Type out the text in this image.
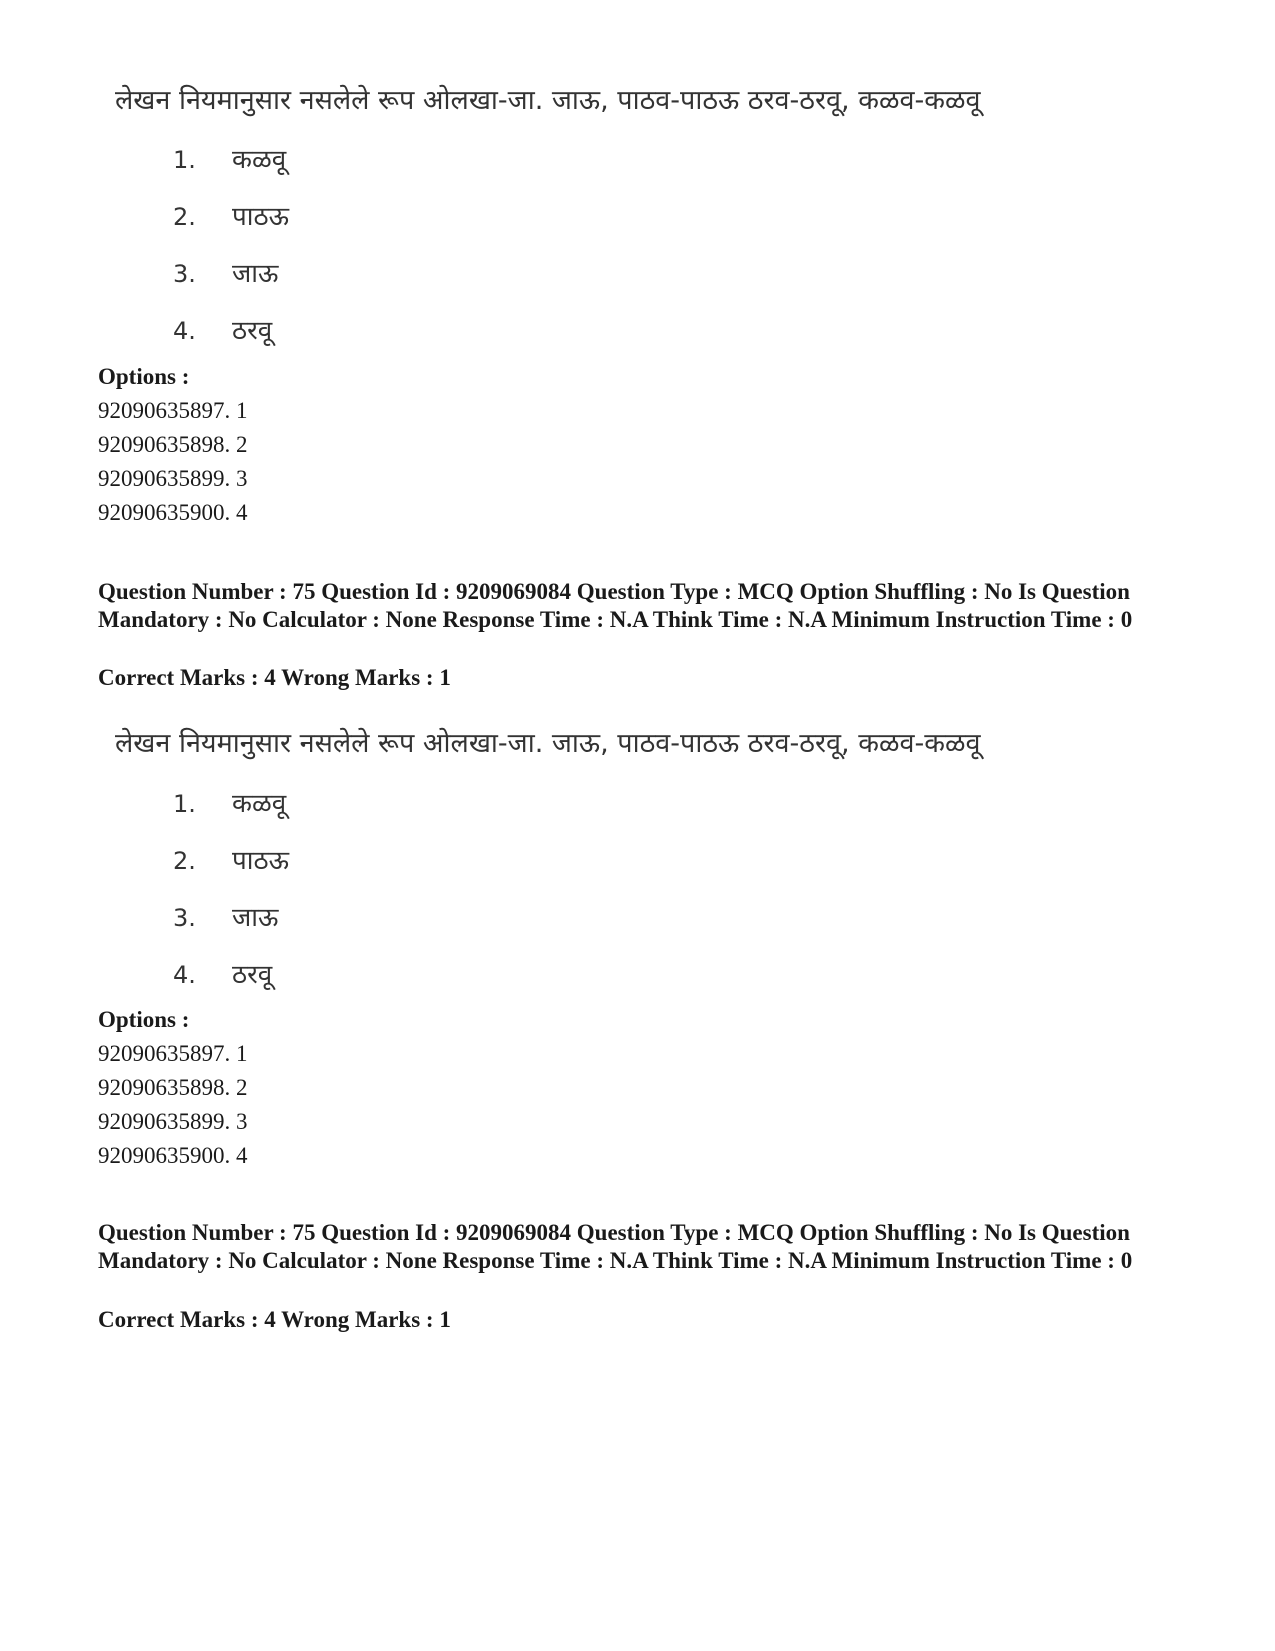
लेखन नियमानुसार नसलेले रूप ओलखा-जा. जाऊ, पाठव-पाठऊ ठरव-ठरवू, कळव-कळवू
1. कळवू
2. पाठऊ
3. जाऊ
4. ठरवू
Options :
92090635897. 1
92090635898. 2
92090635899. 3
92090635900. 4
Question Number : 75 Question Id : 9209069084 Question Type : MCQ Option Shuffling : No Is Question Mandatory : No Calculator : None Response Time : N.A Think Time : N.A Minimum Instruction Time : 0
Correct Marks : 4 Wrong Marks : 1
लेखन नियमानुसार नसलेले रूप ओलखा-जा. जाऊ, पाठव-पाठऊ ठरव-ठरवू, कळव-कळवू
1. कळवू
2. पाठऊ
3. जाऊ
4. ठरवू
Options :
92090635897. 1
92090635898. 2
92090635899. 3
92090635900. 4
Question Number : 75 Question Id : 9209069084 Question Type : MCQ Option Shuffling : No Is Question Mandatory : No Calculator : None Response Time : N.A Think Time : N.A Minimum Instruction Time : 0
Correct Marks : 4 Wrong Marks : 1
